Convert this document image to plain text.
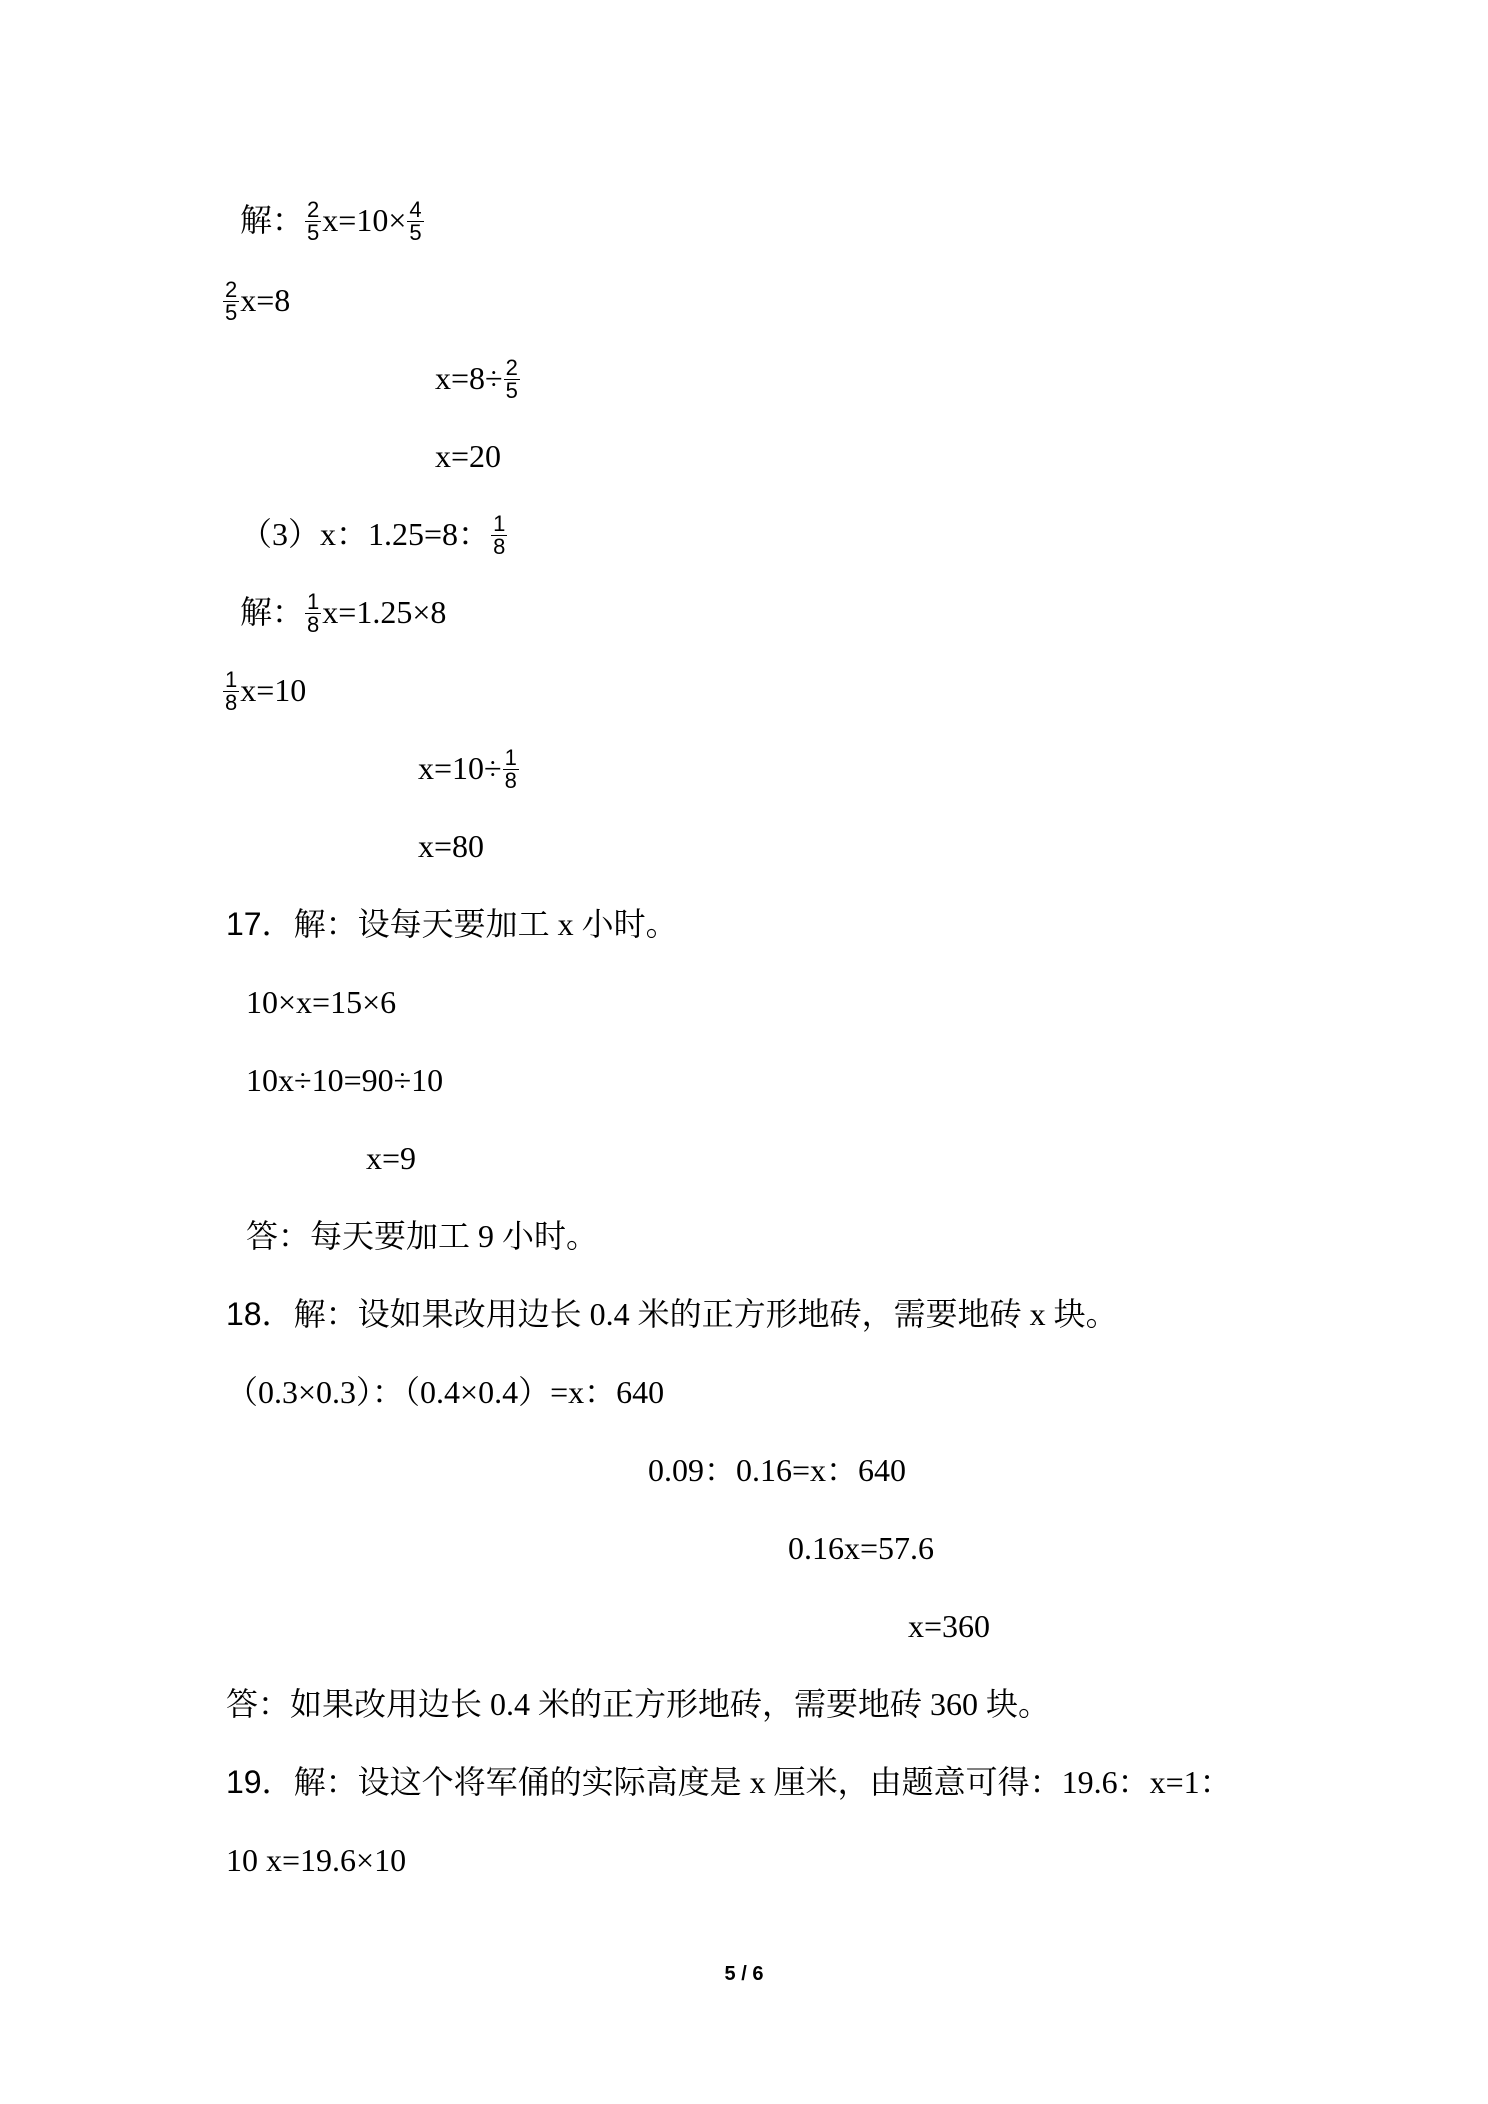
解： $\frac{2}{5} x=10\times \frac{4}{5}$
$\frac{2}{5} x=8$
$x=8\div \frac{2}{5}$
x=20
（3）x：1.25=8： $\frac{1}{8}$
解： $\frac{1}{8} x=1.25\times 8$
$\frac{1}{8} x=10$
$x=10\div \frac{1}{8}$
x=80
17．解：设每天要加工 x 小时。
10×x=15×6
10x÷10=90÷10
x=9
答：每天要加工 9 小时。
18．解：设如果改用边长 0.4 米的正方形地砖，需要地砖 x 块。
（0.3×0.3）：（0.4×0.4）=x：640
0.09：0.16=x：640
0.16x=57.6
x=360
答：如果改用边长 0.4 米的正方形地砖，需要地砖 360 块。
19．解：设这个将军俑的实际高度是 x 厘米，由题意可得：19.6：x=1：
10 x=19.6×10
5 / 6
